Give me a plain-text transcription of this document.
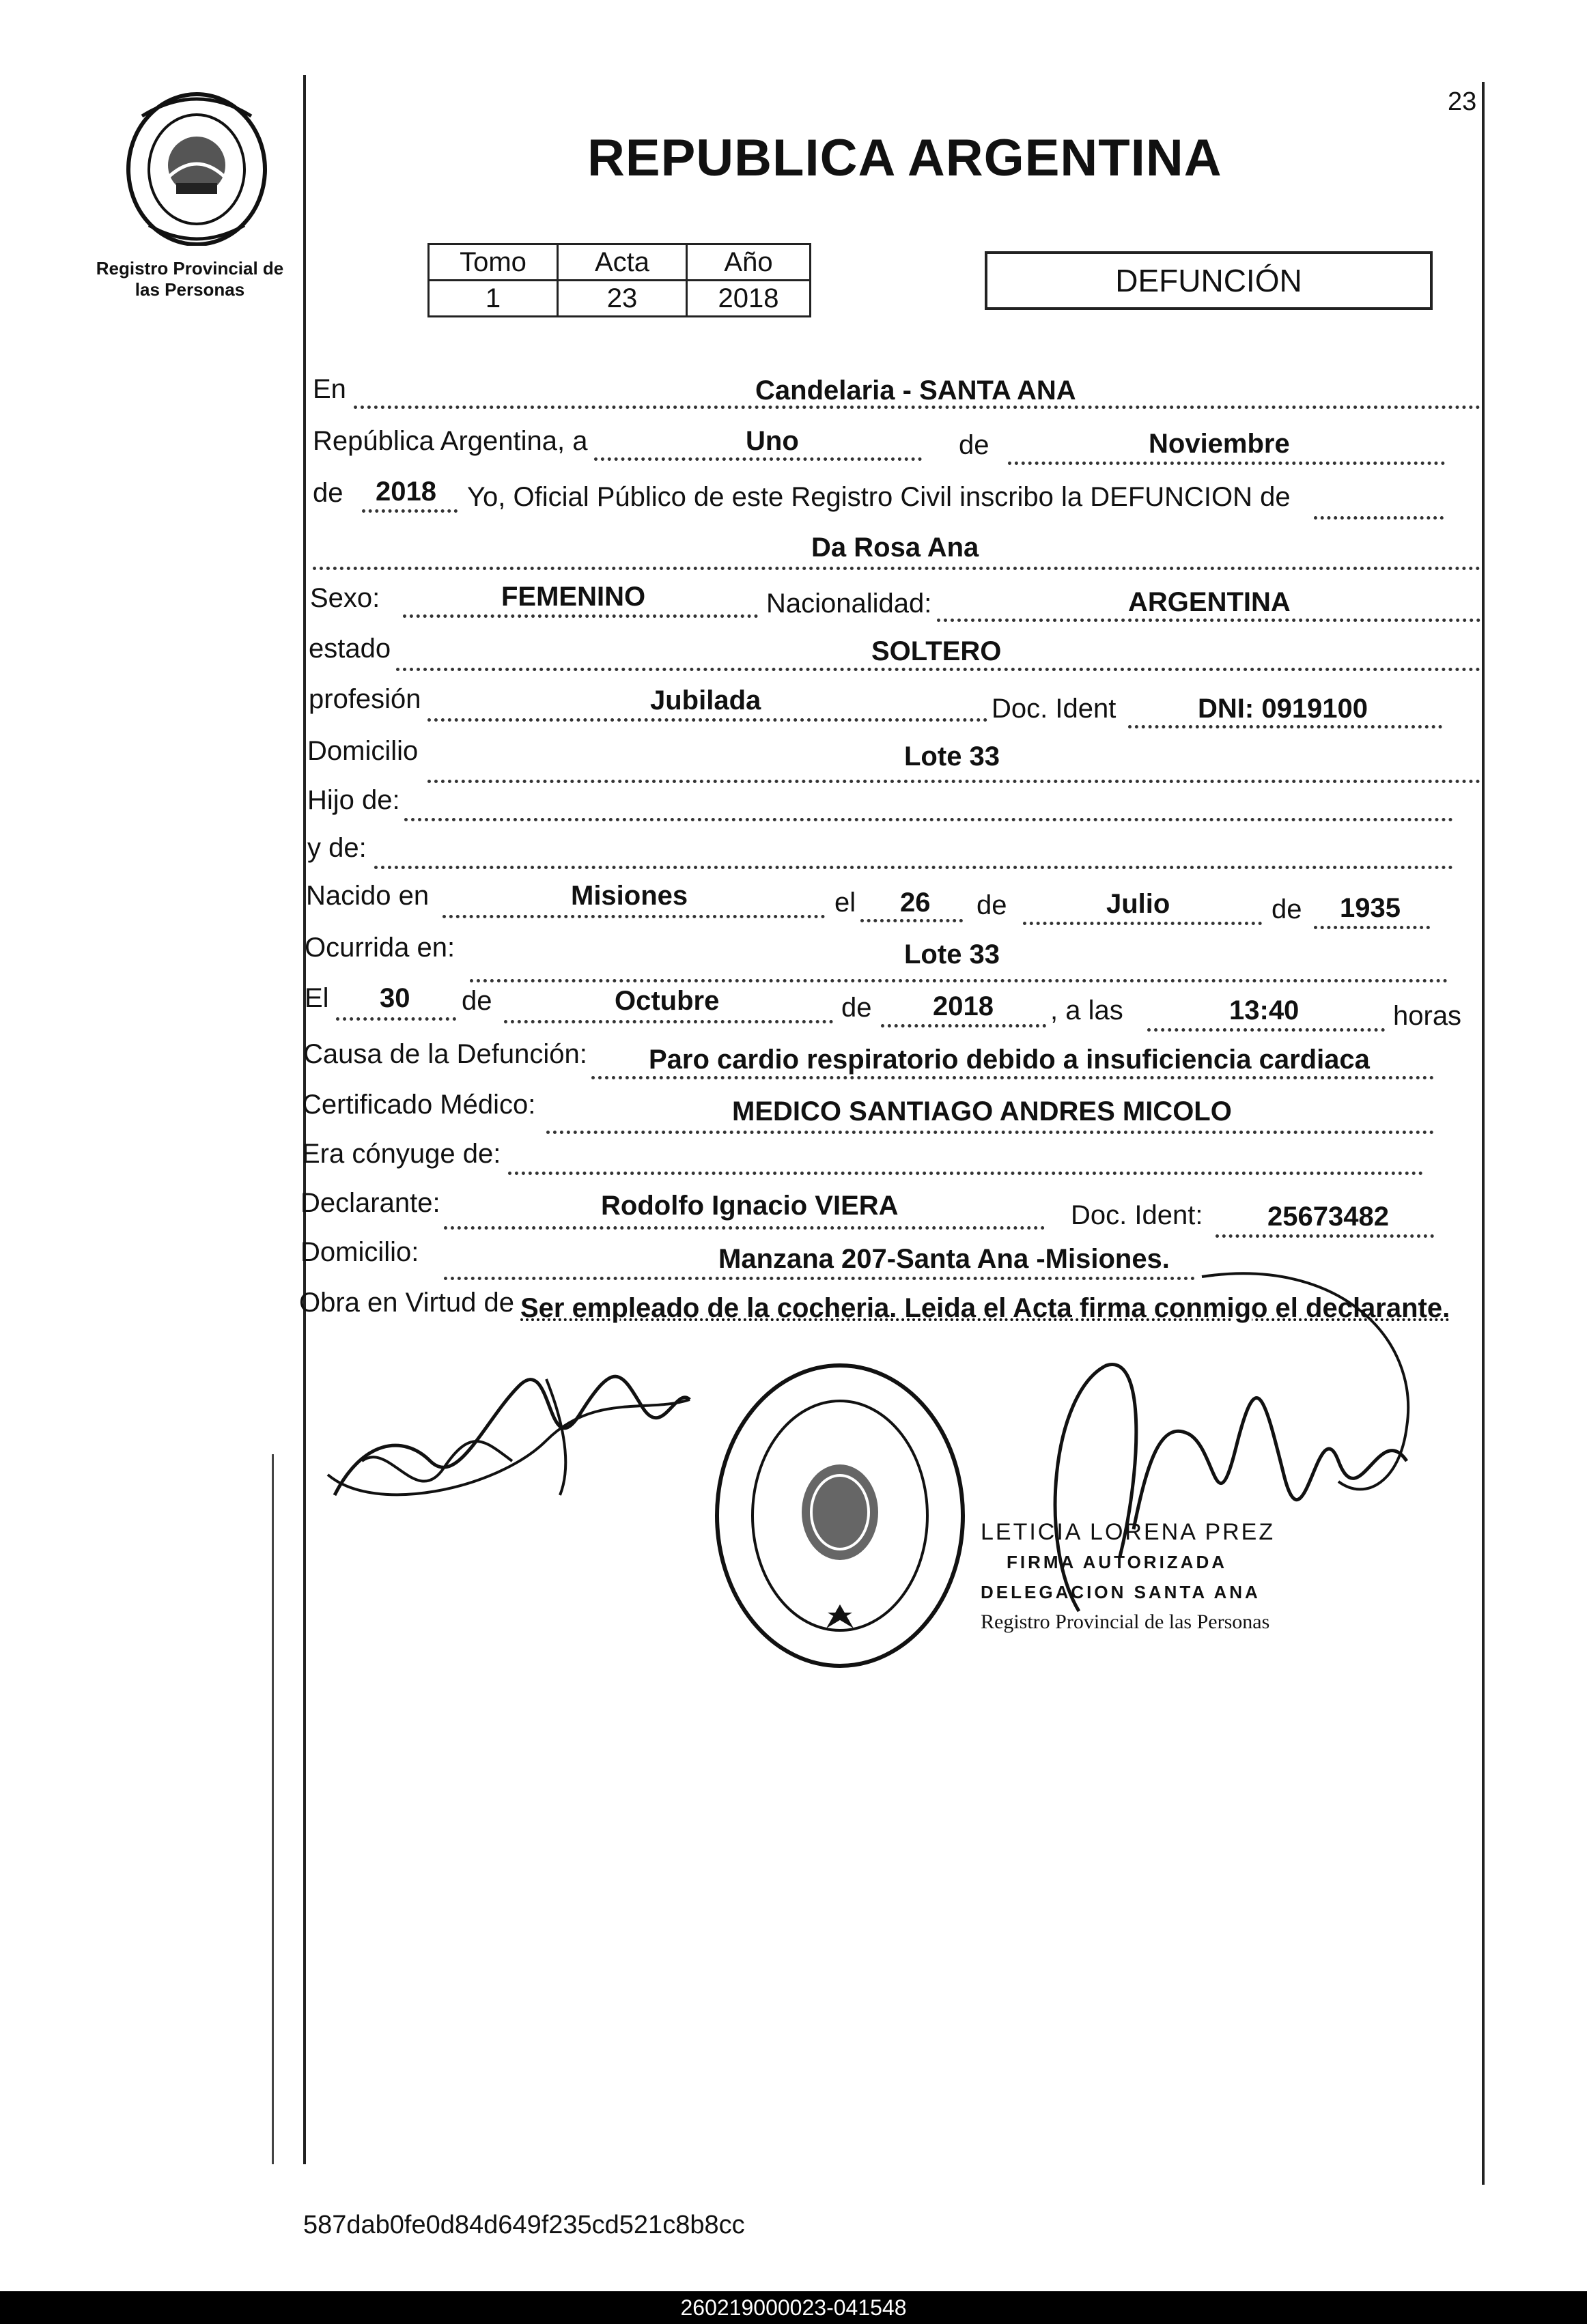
23
Registro Provincial de
las Personas
REPUBLICA ARGENTINA
Tomo	Acta	Año
1	23	2018	DEFUNCIÓN
En	Candelaria - SANTA ANA
República Argentina, a	Uno	de	Noviembre
de 2018 Yo, Oficial Público de este Registro Civil inscribo la DEFUNCION de
Da Rosa Ana
Sexo:	FEMENINO	Nacionalidad:	ARGENTINA
estado	SOLTERO
profesión	Jubilada	Doc. Ident	DNI: 0919100
Domicilio	Lote 33
Hijo de:
y de:
Nacido en	Misiones	el 26 de	Julio	de 1935
Ocurrida en:	Lote 33
El 30 de	Octubre	de 2018 , a las	13:40	horas
Causa de la Defunción: Paro cardio respiratorio debido a insuficiencia cardiaca
Certificado Médico:	MEDICO SANTIAGO ANDRES MICOLO
Era cónyuge de:
Declarante:	Rodolfo Ignacio VIERA	Doc. Ident: 25673482
Domicilio:	Manzana 207-Santa Ana -Misiones.
Obra en Virtud de Ser empleado de la cocheria. Leida el Acta firma conmigo el declarante.
LETICIA LORENA PREZ
FIRMA AUTORIZADA
DELEGACION SANTA ANA
Registro Provincial de las Personas
587dab0fe0d84d649f235cd521c8b8cc
260219000023-041548
